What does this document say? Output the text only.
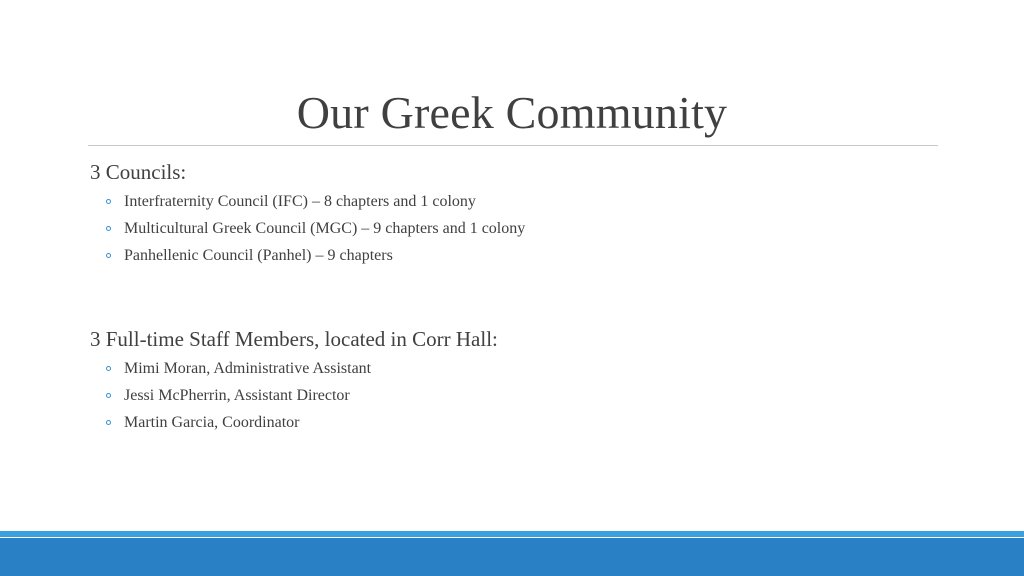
Our Greek Community
3 Councils:
Interfraternity Council (IFC) – 8 chapters and 1 colony
Multicultural Greek Council (MGC) – 9 chapters and 1 colony
Panhellenic Council (Panhel) – 9 chapters
3 Full-time Staff Members, located in Corr Hall:
Mimi Moran, Administrative Assistant
Jessi McPherrin, Assistant Director
Martin Garcia, Coordinator
